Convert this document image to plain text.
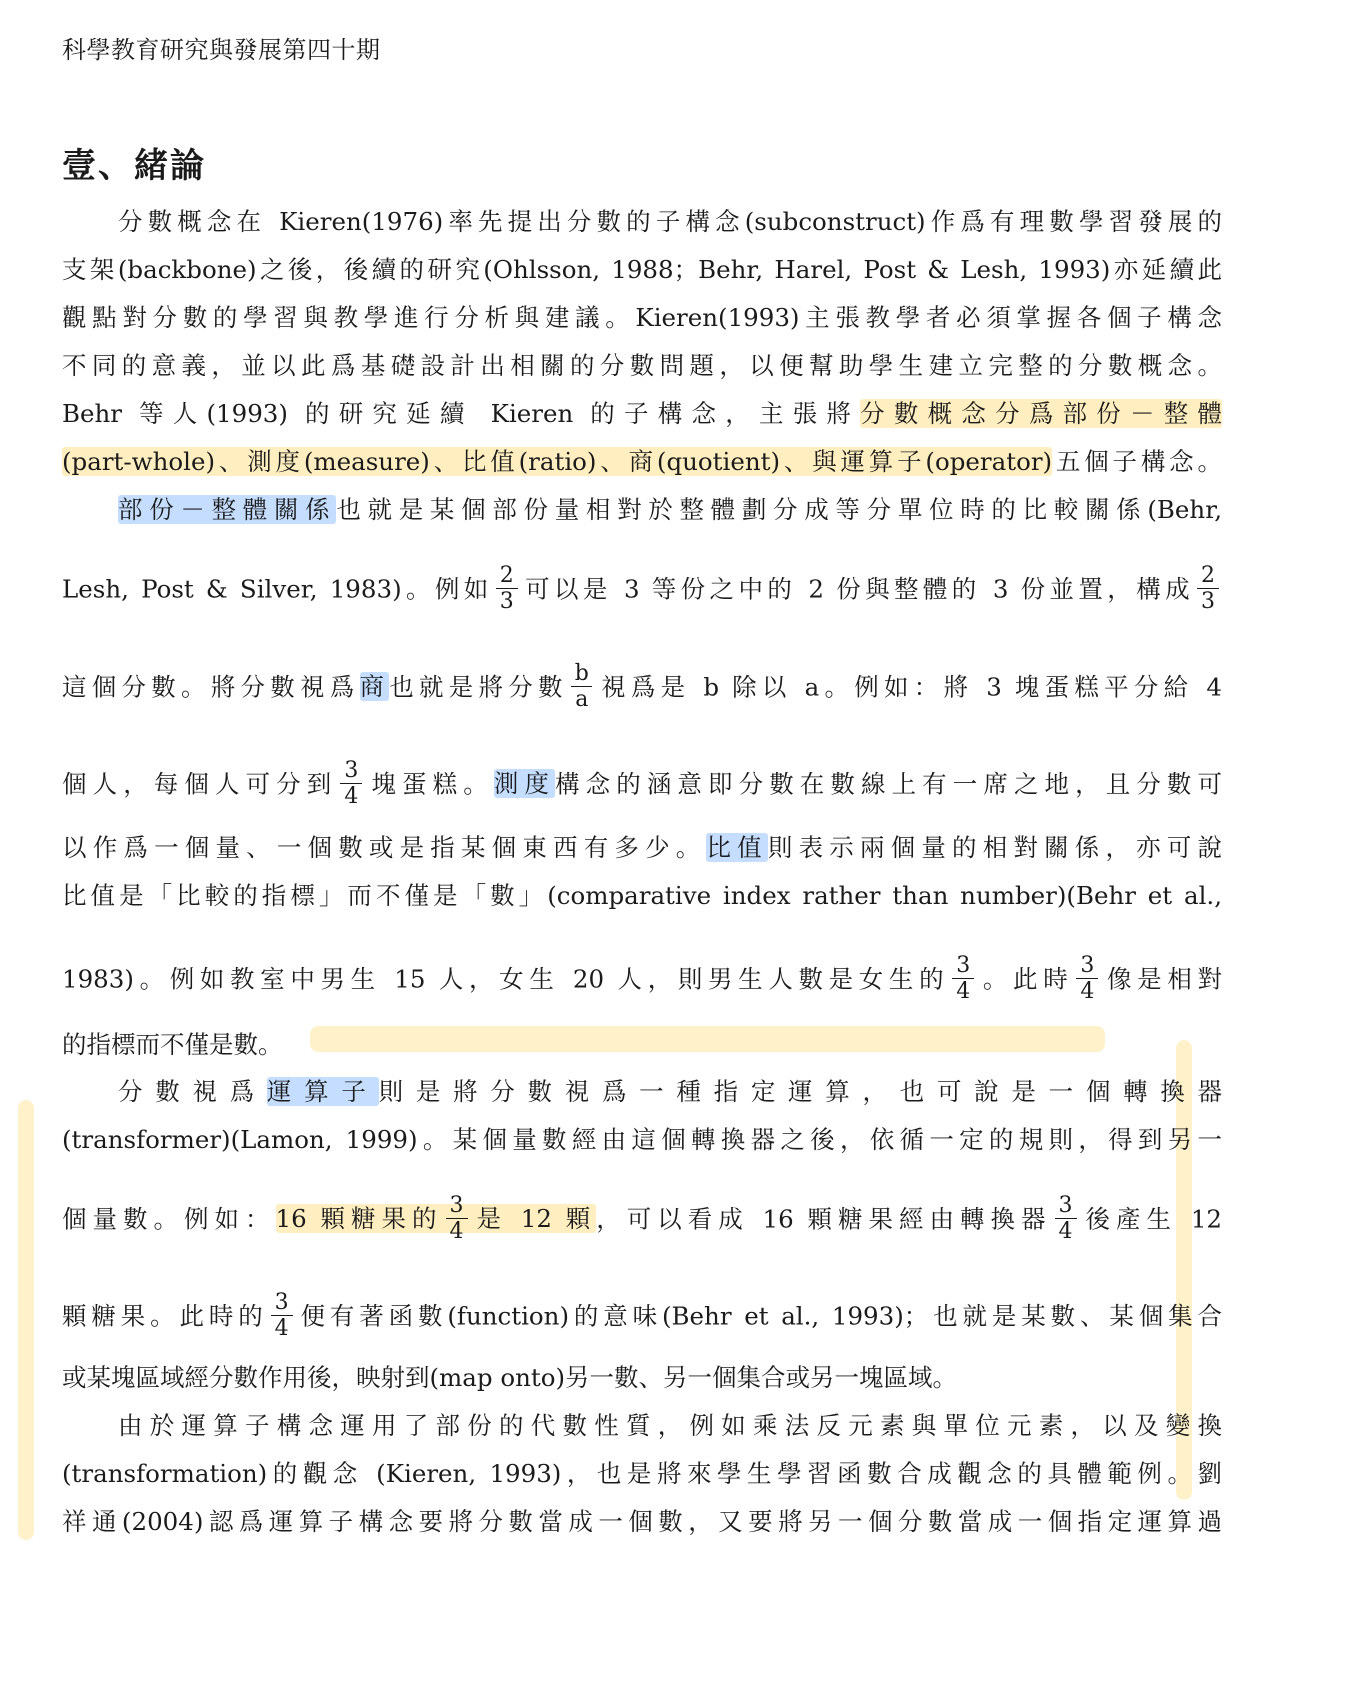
科學教育研究與發展第四十期
壹、緒論
分數概念在 Kieren(1976)率先提出分數的子構念(subconstruct)作爲有理數學習發展的
支架(backbone)之後，後續的研究(Ohlsson, 1988；Behr, Harel, Post & Lesh, 1993)亦延續此
觀點對分數的學習與教學進行分析與建議。Kieren(1993)主張教學者必須掌握各個子構念
不同的意義，並以此爲基礎設計出相關的分數問題，以便幫助學生建立完整的分數概念。
Behr 等人(1993) 的研究延續 Kieren 的子構念，主張將分數概念分爲部份－整體
(part-whole)、測度(measure)、比值(ratio)、商(quotient)、與運算子(operator)五個子構念。
部份－整體關係也就是某個部份量相對於整體劃分成等分單位時的比較關係(Behr,
Lesh, Post & Silver, 1983)。例如 $\frac{2}{3}$ 可以是 3 等份之中的 2 份與整體的 3 份並置，構成 $\frac{2}{3}$
這個分數。將分數視爲商也就是將分數 $\frac{b}{a}$ 視爲是 b 除以 a。例如：將 3 塊蛋糕平分給 4
個人，每個人可分到 $\frac{3}{4}$ 塊蛋糕。測度構念的涵意即分數在數線上有一席之地，且分數可
以作爲一個量、一個數或是指某個東西有多少。比值則表示兩個量的相對關係，亦可說
比值是「比較的指標」而不僅是「數」(comparative index rather than number)(Behr et al.,
1983)。例如教室中男生 15 人，女生 20 人，則男生人數是女生的 $\frac{3}{4}$ 。此時 $\frac{3}{4}$ 像是相對
的指標而不僅是數。
分數視爲運算子則是將分數視爲一種指定運算，也可說是一個轉換器
(transformer)(Lamon, 1999)。某個量數經由這個轉換器之後，依循一定的規則，得到另一
個量數。例如：16 顆糖果的 $\frac{3}{4}$ 是 12 顆，可以看成 16 顆糖果經由轉換器 $\frac{3}{4}$ 後產生 12
顆糖果。此時的 $\frac{3}{4}$ 便有著函數(function)的意味(Behr et al., 1993)；也就是某數、某個集合
或某塊區域經分數作用後，映射到(map onto)另一數、另一個集合或另一塊區域。
由於運算子構念運用了部份的代數性質，例如乘法反元素與單位元素，以及變換
(transformation)的觀念 (Kieren, 1993)，也是將來學生學習函數合成觀念的具體範例。劉
祥通(2004)認爲運算子構念要將分數當成一個數，又要將另一個分數當成一個指定運算過
